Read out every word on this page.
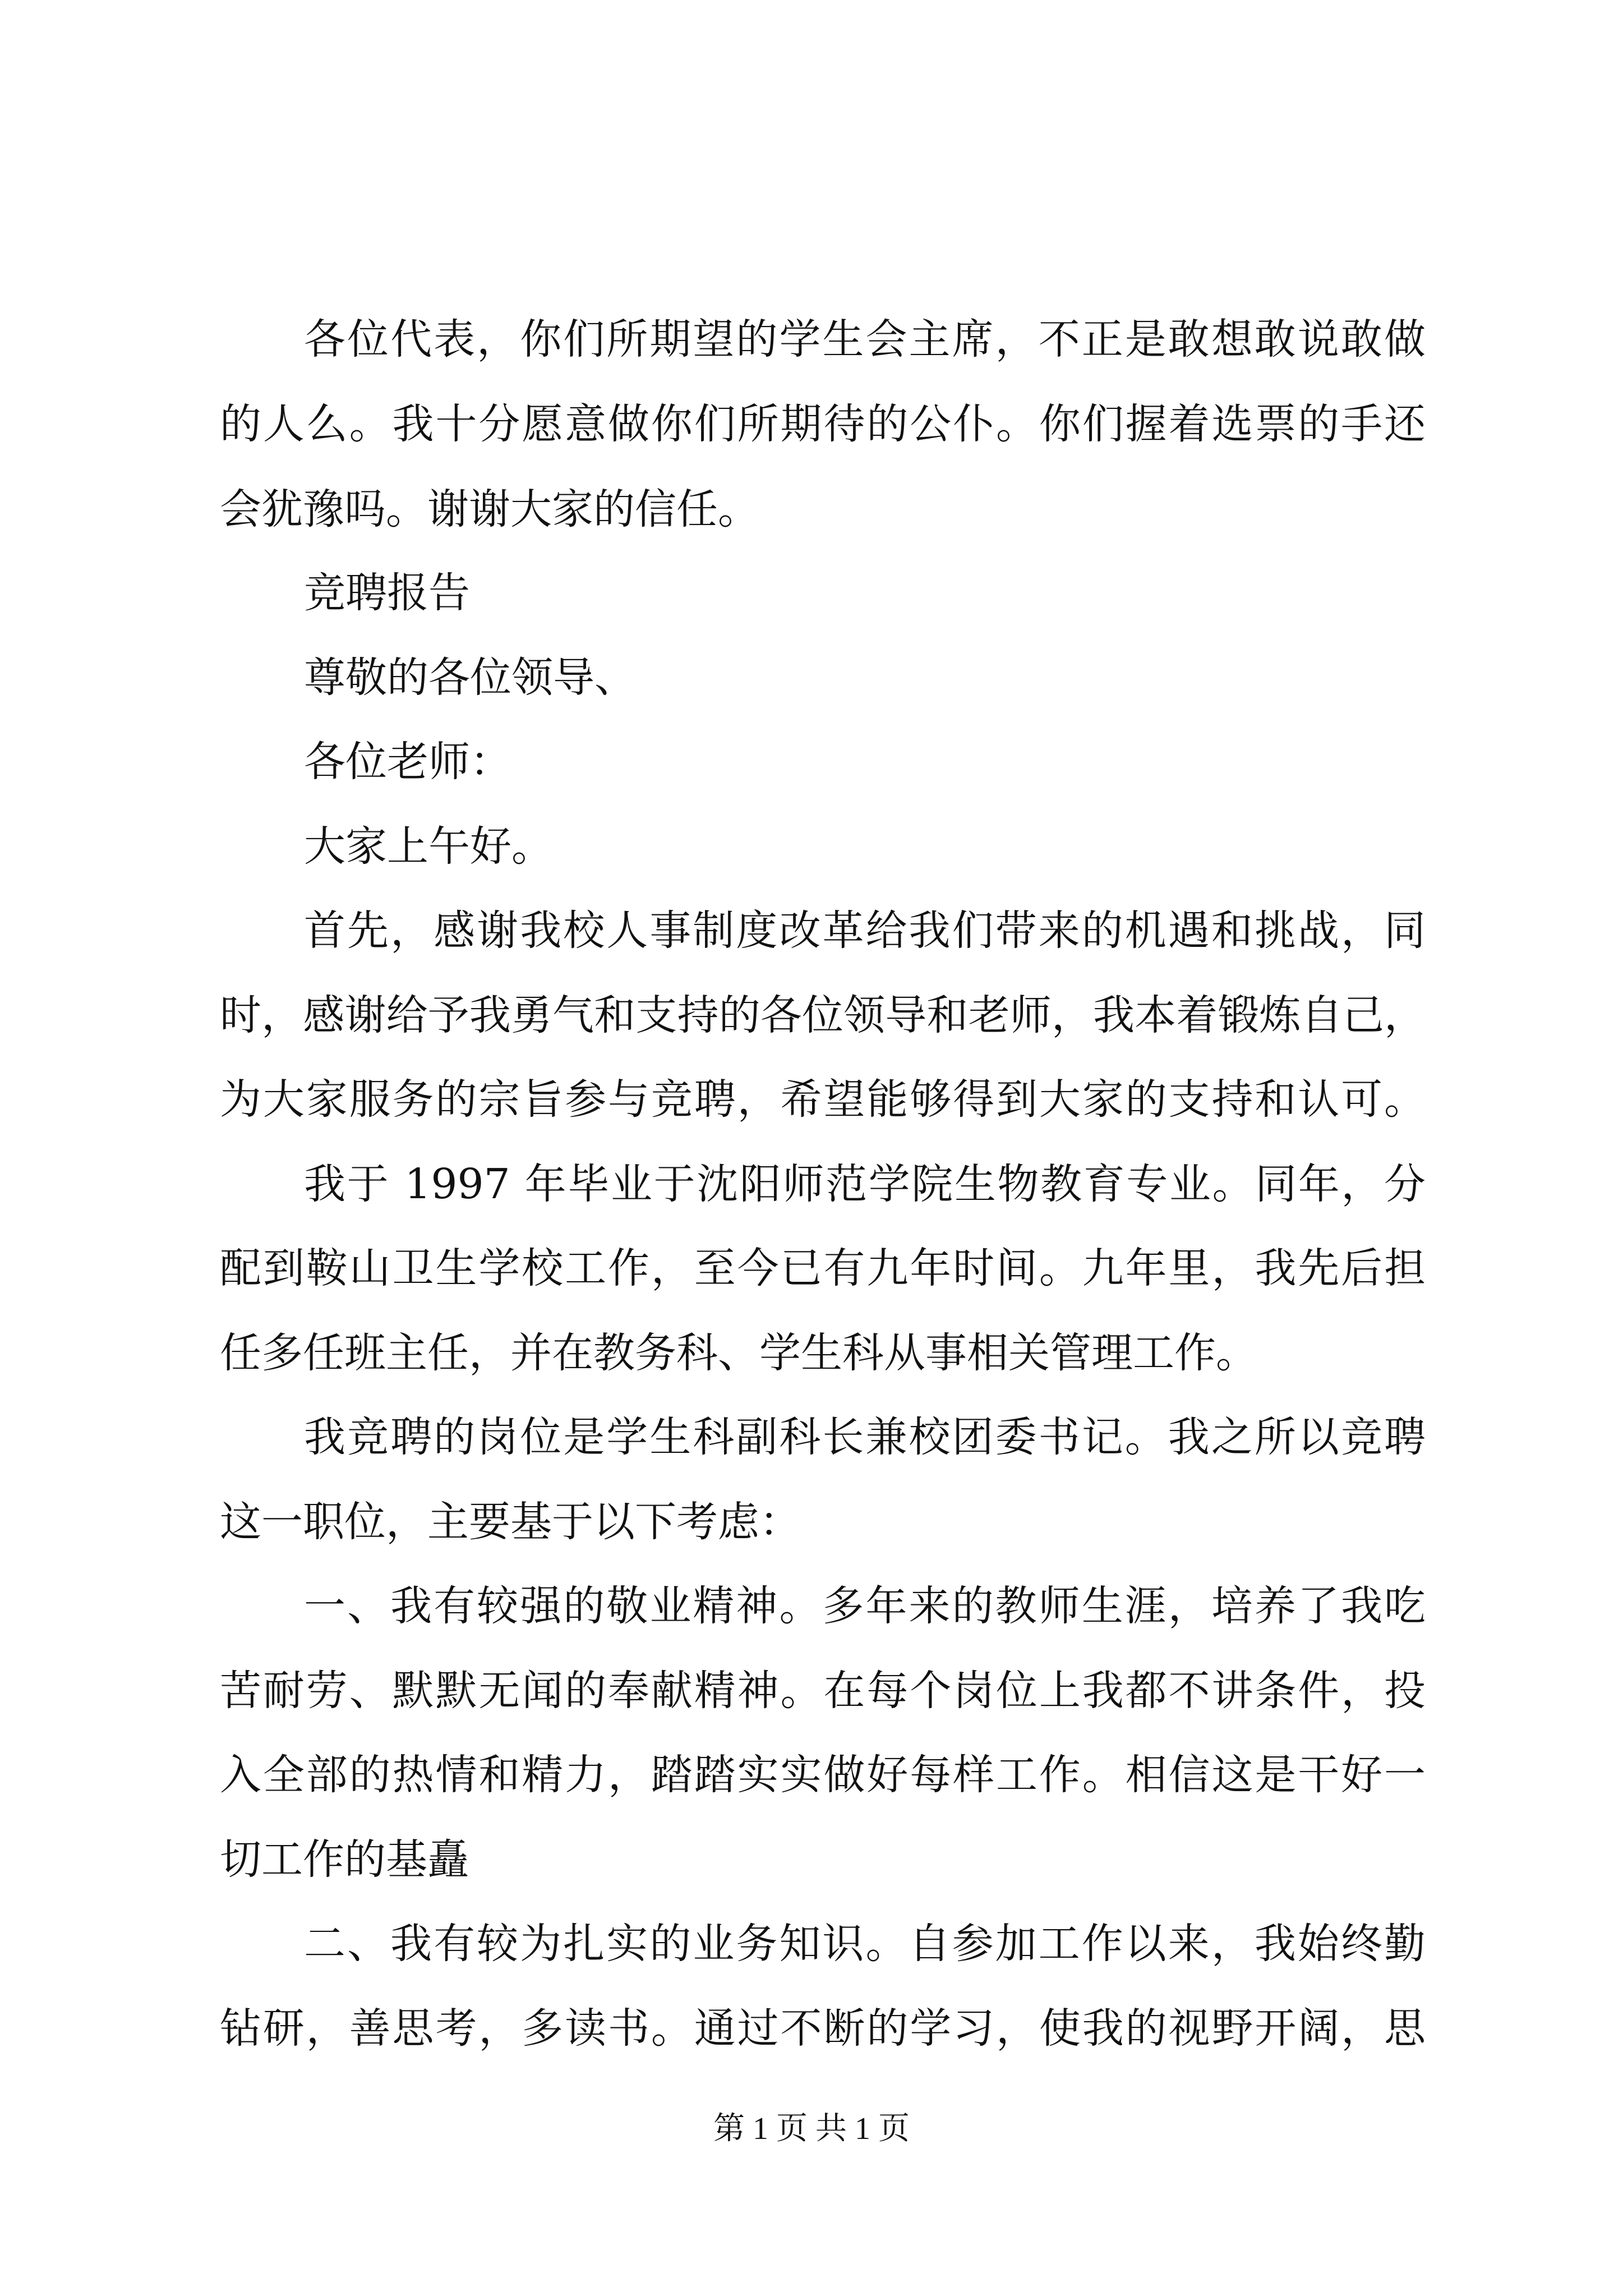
各位代表，你们所期望的学生会主席，不正是敢想敢说敢做
的人么。我十分愿意做你们所期待的公仆。你们握着选票的手还
会犹豫吗。谢谢大家的信任。
竞聘报告
尊敬的各位领导、
各位老师：
大家上午好。
首先，感谢我校人事制度改革给我们带来的机遇和挑战，同
时，感谢给予我勇气和支持的各位领导和老师，我本着锻炼自己，
为大家服务的宗旨参与竞聘，希望能够得到大家的支持和认可。
我于 1997 年毕业于沈阳师范学院生物教育专业。同年，分
配到鞍山卫生学校工作，至今已有九年时间。九年里，我先后担
任多任班主任，并在教务科、学生科从事相关管理工作。
我竞聘的岗位是学生科副科长兼校团委书记。我之所以竞聘
这一职位，主要基于以下考虑：
一、我有较强的敬业精神。多年来的教师生涯，培养了我吃
苦耐劳、默默无闻的奉献精神。在每个岗位上我都不讲条件，投
入全部的热情和精力，踏踏实实做好每样工作。相信这是干好一
切工作的基矗
二、我有较为扎实的业务知识。自参加工作以来，我始终勤
钻研，善思考，多读书。通过不断的学习，使我的视野开阔，思
第 1 页 共 1 页
